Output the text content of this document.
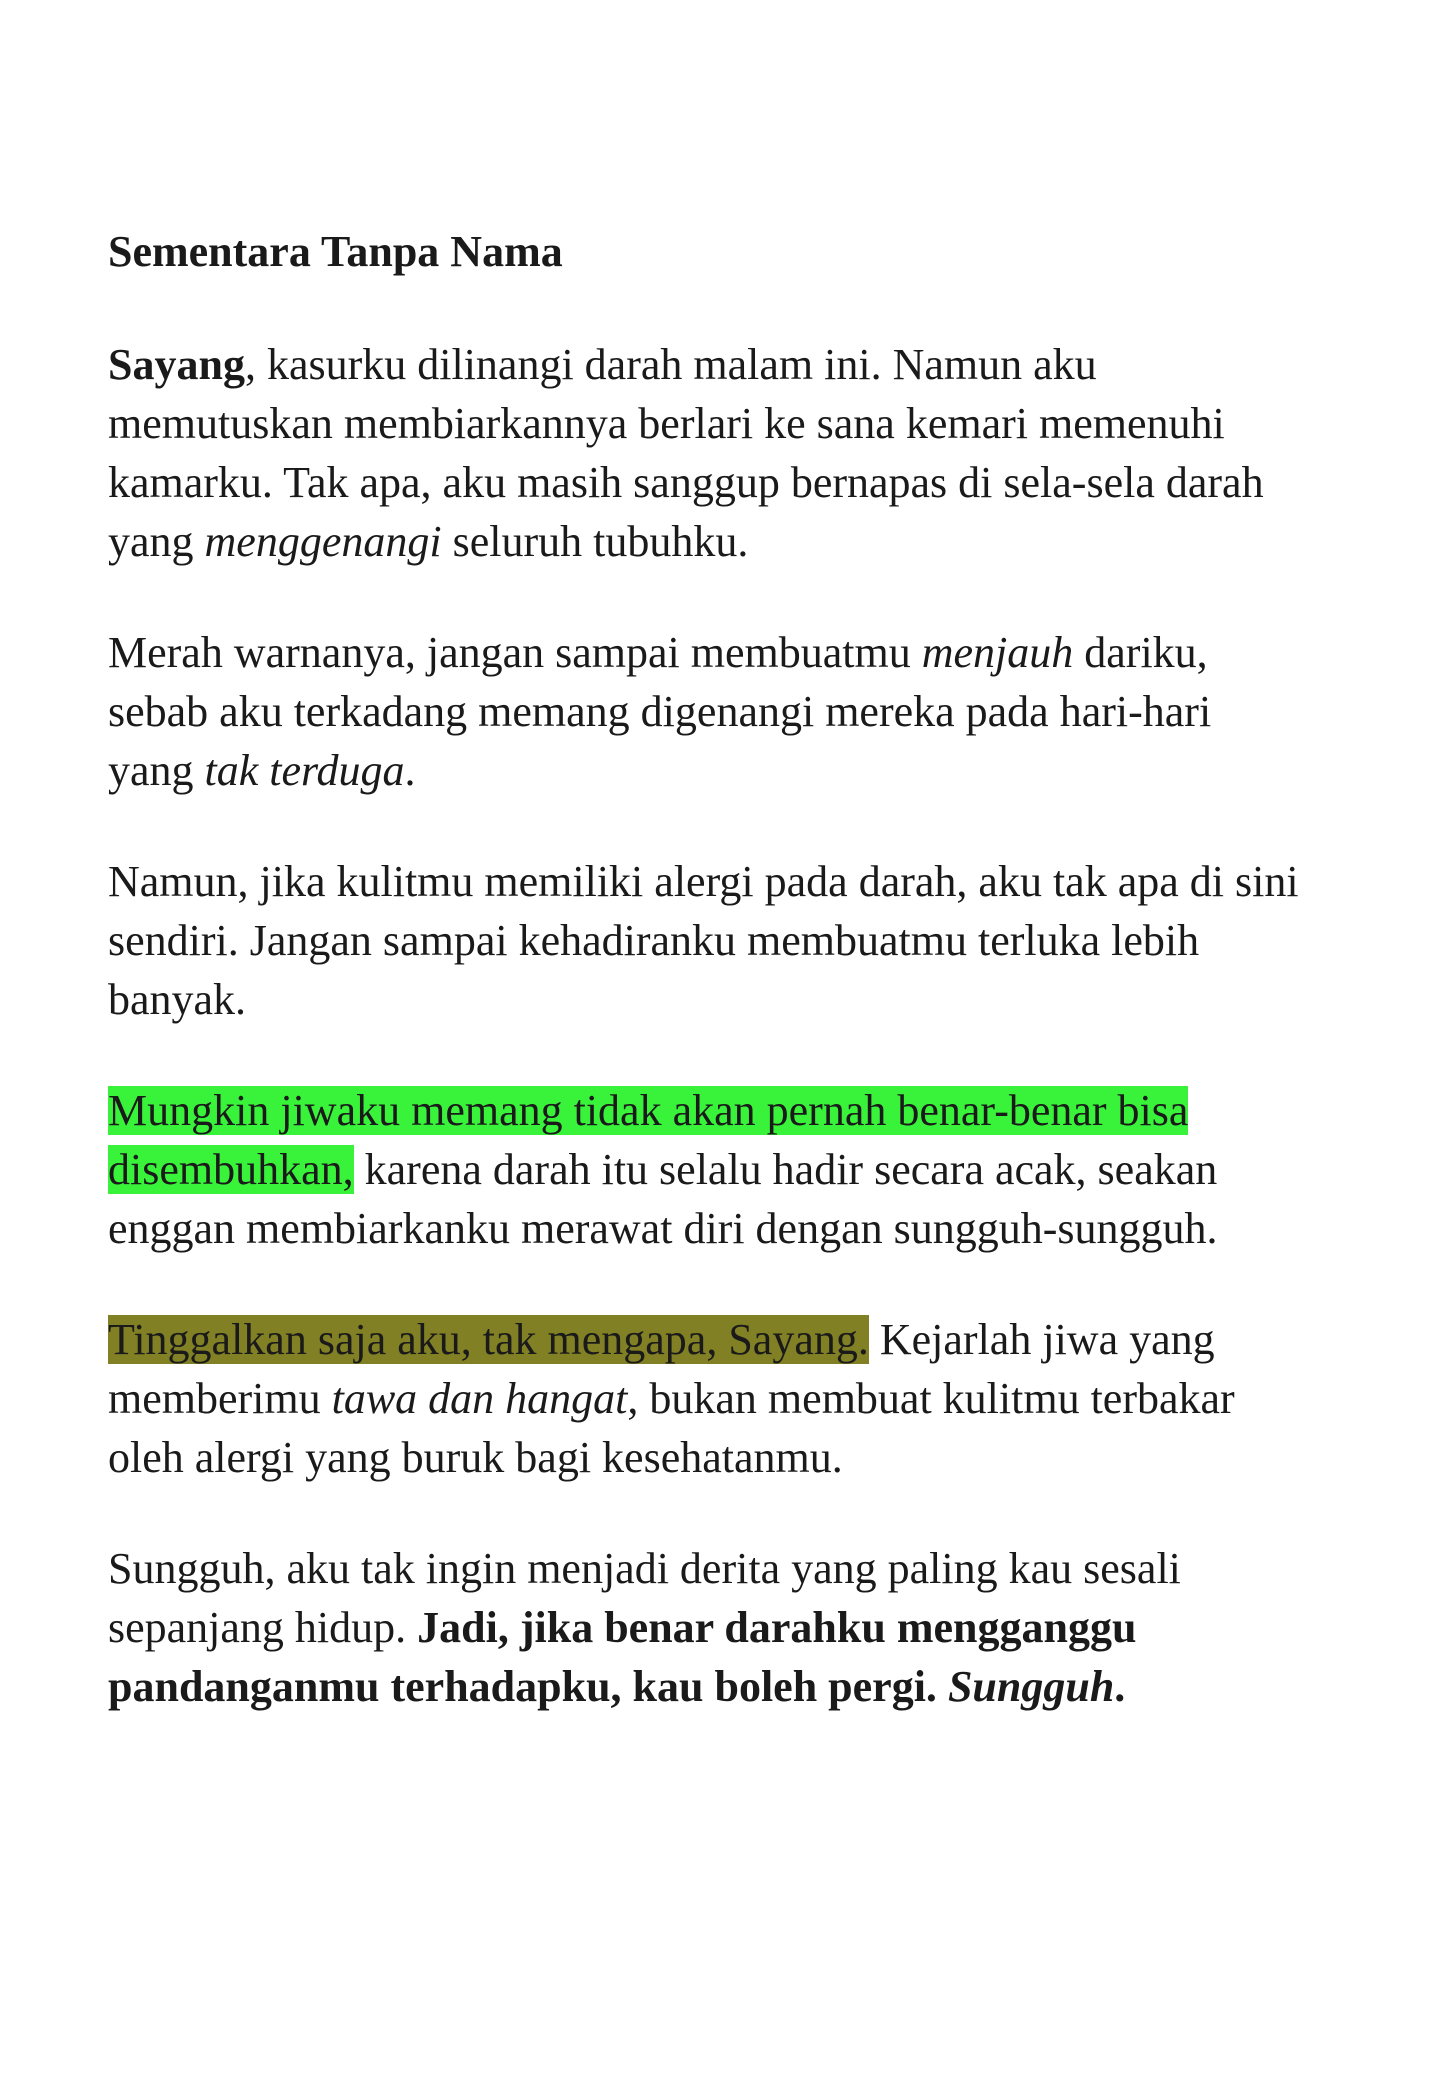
Sementara Tanpa Nama
Sayang, kasurku dilinangi darah malam ini. Namun aku
memutuskan membiarkannya berlari ke sana kemari memenuhi
kamarku. Tak apa, aku masih sanggup bernapas di sela-sela darah
yang menggenangi seluruh tubuhku.
Merah warnanya, jangan sampai membuatmu menjauh dariku,
sebab aku terkadang memang digenangi mereka pada hari-hari
yang tak terduga.
Namun, jika kulitmu memiliki alergi pada darah, aku tak apa di sini
sendiri. Jangan sampai kehadiranku membuatmu terluka lebih
banyak.
Mungkin jiwaku memang tidak akan pernah benar-benar bisa
disembuhkan, karena darah itu selalu hadir secara acak, seakan
enggan membiarkanku merawat diri dengan sungguh-sungguh.
Tinggalkan saja aku, tak mengapa, Sayang. Kejarlah jiwa yang
memberimu tawa dan hangat, bukan membuat kulitmu terbakar
oleh alergi yang buruk bagi kesehatanmu.
Sungguh, aku tak ingin menjadi derita yang paling kau sesali
sepanjang hidup. Jadi, jika benar darahku mengganggu
pandanganmu terhadapku, kau boleh pergi. Sungguh.
